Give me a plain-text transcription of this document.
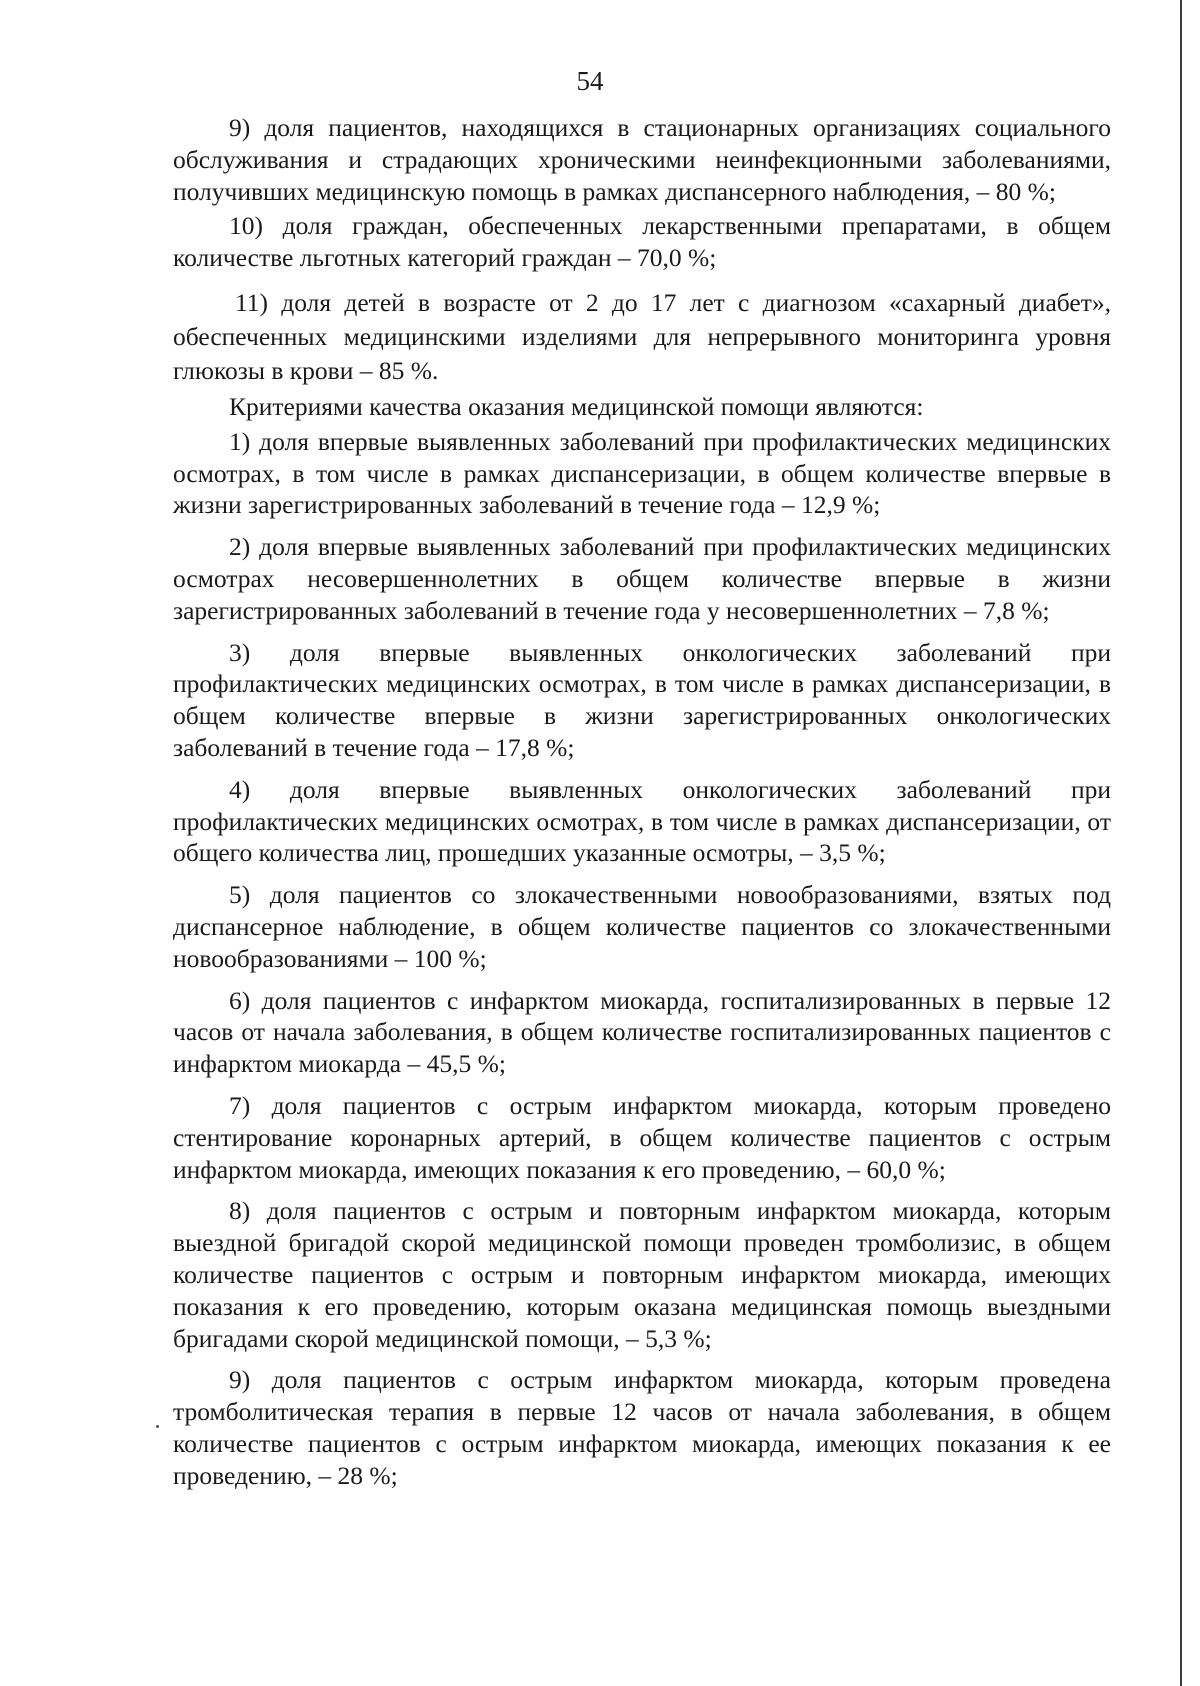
54

9) доля пациентов, находящихся в стационарных организациях социального обслуживания и страдающих хроническими неинфекционными заболеваниями, получивших медицинскую помощь в рамках диспансерного наблюдения, – 80 %;

10) доля граждан, обеспеченных лекарственными препаратами, в общем количестве льготных категорий граждан – 70,0 %;

11) доля детей в возрасте от 2 до 17 лет с диагнозом «сахарный диабет», обеспеченных медицинскими изделиями для непрерывного мониторинга уровня глюкозы в крови – 85 %.

Критериями качества оказания медицинской помощи являются:

1) доля впервые выявленных заболеваний при профилактических медицинских осмотрах, в том числе в рамках диспансеризации, в общем количестве впервые в жизни зарегистрированных заболеваний в течение года – 12,9 %;

2) доля впервые выявленных заболеваний при профилактических медицинских осмотрах несовершеннолетних в общем количестве впервые в жизни зарегистрированных заболеваний в течение года у несовершеннолетних – 7,8 %;

3) доля впервые выявленных онкологических заболеваний при профилактических медицинских осмотрах, в том числе в рамках диспансеризации, в общем количестве впервые в жизни зарегистрированных онкологических заболеваний в течение года – 17,8 %;

4) доля впервые выявленных онкологических заболеваний при профилактических медицинских осмотрах, в том числе в рамках диспансеризации, от общего количества лиц, прошедших указанные осмотры, – 3,5 %;

5) доля пациентов со злокачественными новообразованиями, взятых под диспансерное наблюдение, в общем количестве пациентов со злокачественными новообразованиями – 100 %;

6) доля пациентов с инфарктом миокарда, госпитализированных в первые 12 часов от начала заболевания, в общем количестве госпитализированных пациентов с инфарктом миокарда – 45,5 %;

7) доля пациентов с острым инфарктом миокарда, которым проведено стентирование коронарных артерий, в общем количестве пациентов с острым инфарктом миокарда, имеющих показания к его проведению, – 60,0 %;

8) доля пациентов с острым и повторным инфарктом миокарда, которым выездной бригадой скорой медицинской помощи проведен тромболизис, в общем количестве пациентов с острым и повторным инфарктом миокарда, имеющих показания к его проведению, которым оказана медицинская помощь выездными бригадами скорой медицинской помощи, – 5,3 %;

9) доля пациентов с острым инфарктом миокарда, которым проведена тромболитическая терапия в первые 12 часов от начала заболевания, в общем количестве пациентов с острым инфарктом миокарда, имеющих показания к ее проведению, – 28 %;
